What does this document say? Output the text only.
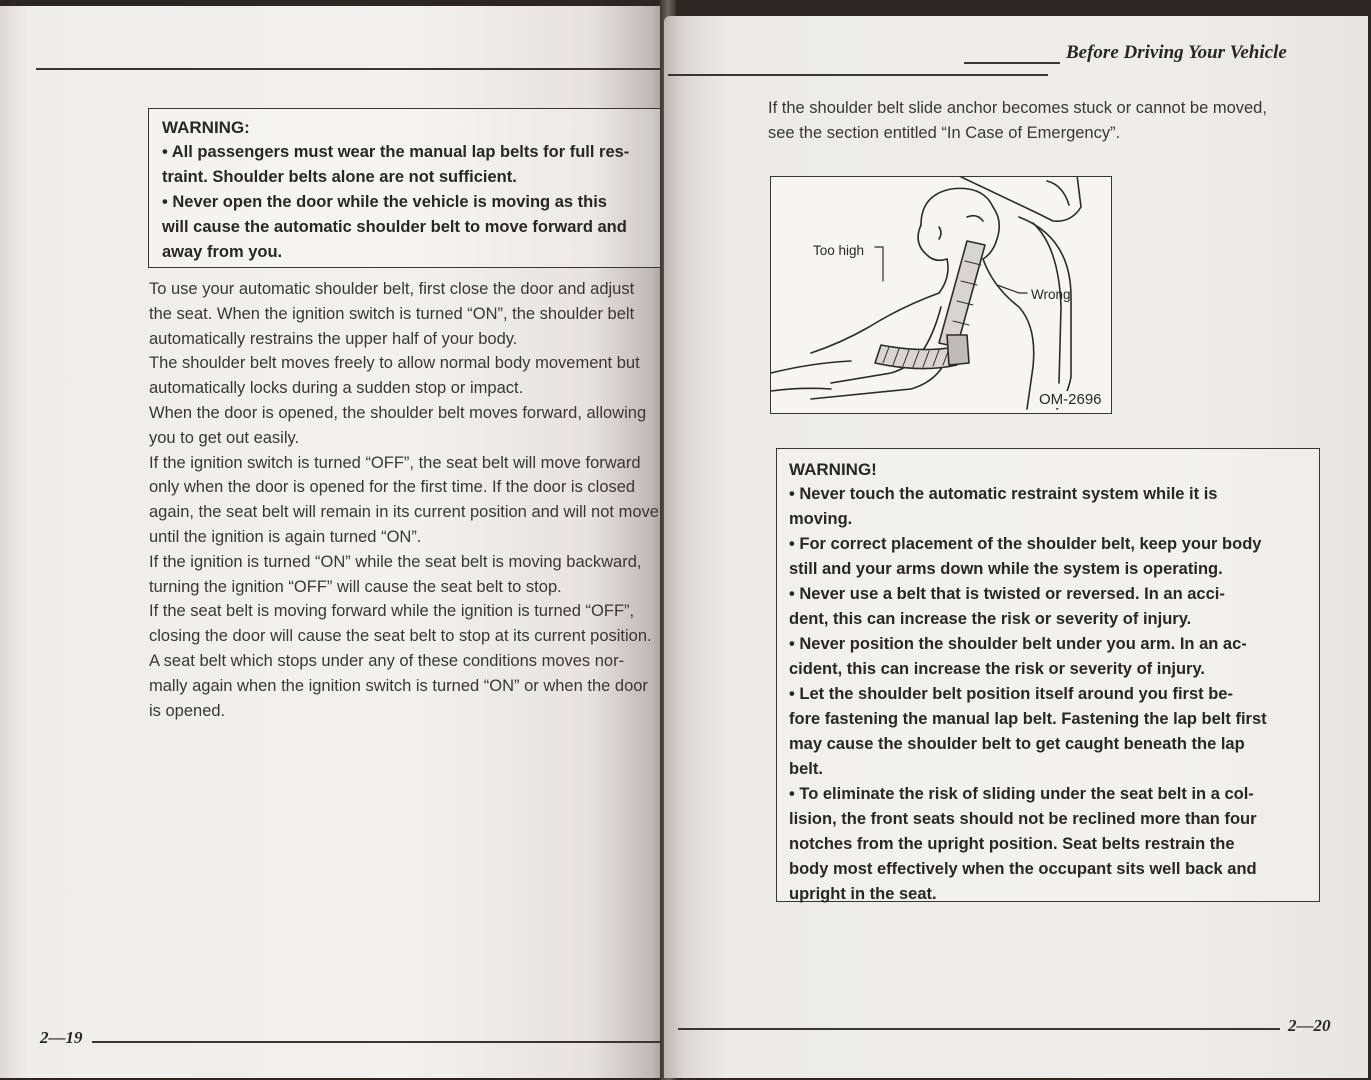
WARNING:

• All passengers must wear the manual lap belts for full res-
traint. Shoulder belts alone are not sufficient.

• Never open the door while the vehicle is moving as this
will cause the automatic shoulder belt to move forward and
away from you.

To use your automatic shoulder belt, first close the door and adjust
the seat. When the ignition switch is turned “ON”, the shoulder belt
automatically restrains the upper half of your body.

The shoulder belt moves freely to allow normal body movement but
automatically locks during a sudden stop or impact.

When the door is opened, the shoulder belt moves forward, allowing
you to get out easily.

If the ignition switch is turned “OFF”, the seat belt will move forward
only when the door is opened for the first time. If the door is closed
again, the seat belt will remain in its current position and will not move
until the ignition is again turned “ON”.

If the ignition is turned “ON” while the seat belt is moving backward,
turning the ignition “OFF” will cause the seat belt to stop.

If the seat belt is moving forward while the ignition is turned “OFF”,
closing the door will cause the seat belt to stop at its current position.

A seat belt which stops under any of these conditions moves nor-
mally again when the ignition switch is turned “ON” or when the door
is opened.

2—19
Before Driving Your Vehicle

If the shoulder belt slide anchor becomes stuck or cannot be moved,
see the section entitled “In Case of Emergency”.

Too high
Wrong
OM-2696

WARNING!

• Never touch the automatic restraint system while it is
moving.

• For correct placement of the shoulder belt, keep your body
still and your arms down while the system is operating.

• Never use a belt that is twisted or reversed. In an acci-
dent, this can increase the risk or severity of injury.

• Never position the shoulder belt under you arm. In an ac-
cident, this can increase the risk or severity of injury.

• Let the shoulder belt position itself around you first be-
fore fastening the manual lap belt. Fastening the lap belt first
may cause the shoulder belt to get caught beneath the lap
belt.

• To eliminate the risk of sliding under the seat belt in a col-
lision, the front seats should not be reclined more than four
notches from the upright position. Seat belts restrain the
body most effectively when the occupant sits well back and
upright in the seat.

2—20
